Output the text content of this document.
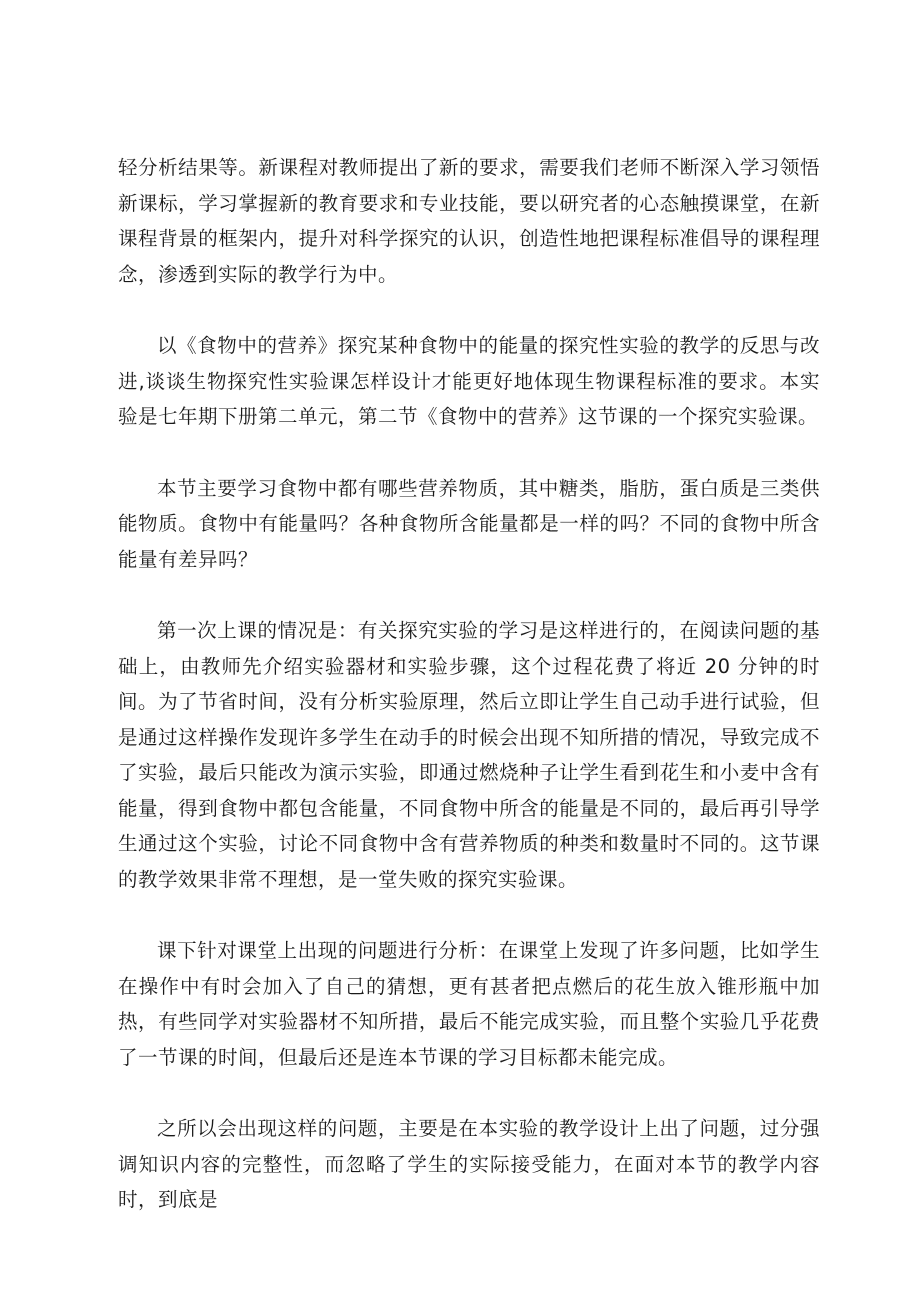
轻分析结果等。新课程对教师提出了新的要求，需要我们老师不断深入学习领悟新课标，学习掌握新的教育要求和专业技能，要以研究者的心态触摸课堂，在新课程背景的框架内，提升对科学探究的认识，创造性地把课程标准倡导的课程理念，渗透到实际的教学行为中。

以《食物中的营养》探究某种食物中的能量的探究性实验的教学的反思与改进,谈谈生物探究性实验课怎样设计才能更好地体现生物课程标准的要求。本实验是七年期下册第二单元，第二节《食物中的营养》这节课的一个探究实验课。

本节主要学习食物中都有哪些营养物质，其中糖类，脂肪，蛋白质是三类供能物质。食物中有能量吗？各种食物所含能量都是一样的吗？不同的食物中所含能量有差异吗？

第一次上课的情况是：有关探究实验的学习是这样进行的，在阅读问题的基础上，由教师先介绍实验器材和实验步骤，这个过程花费了将近 20 分钟的时间。为了节省时间，没有分析实验原理，然后立即让学生自己动手进行试验，但是通过这样操作发现许多学生在动手的时候会出现不知所措的情况，导致完成不了实验，最后只能改为演示实验，即通过燃烧种子让学生看到花生和小麦中含有能量，得到食物中都包含能量，不同食物中所含的能量是不同的，最后再引导学生通过这个实验，讨论不同食物中含有营养物质的种类和数量时不同的。这节课的教学效果非常不理想，是一堂失败的探究实验课。

课下针对课堂上出现的问题进行分析：在课堂上发现了许多问题，比如学生在操作中有时会加入了自己的猜想，更有甚者把点燃后的花生放入锥形瓶中加热，有些同学对实验器材不知所措，最后不能完成实验，而且整个实验几乎花费了一节课的时间，但最后还是连本节课的学习目标都未能完成。

之所以会出现这样的问题，主要是在本实验的教学设计上出了问题，过分强调知识内容的完整性，而忽略了学生的实际接受能力，在面对本节的教学内容时，到底是
